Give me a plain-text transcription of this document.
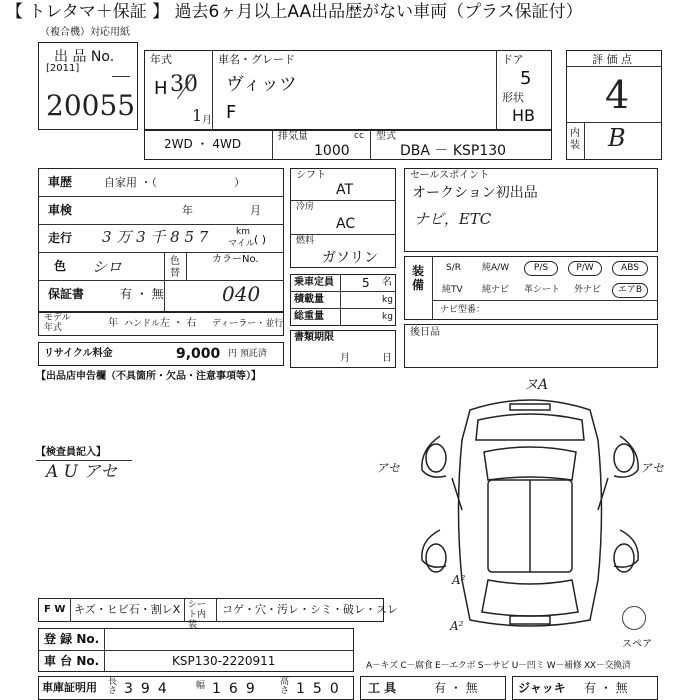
【 トレタマ＋保証 】 過去6ヶ月以上AA出品歴がない車両（プラス保証付）
（複合機）対応用紙
出 品 No.
[2011]
20055
年式
H 30
1 月
車名・グレード
ヴィッツ
F
ドア
5
形状
HB
評 価 点
4
内装 B
2WD ・ 4WD
排気量	cc
1000
型式
DBA － KSP130
車歴	自家用 ・（　　　　　　　）
車検	年	月
走行 3 万 3 千 8 5 7	km
マイル ( )
色 シロ	色替
カラーNo.
040
保証書	有 ・ 無
モデル年式	年 ハンドル 左 ・ 右 ディーラー・並行
リサイクル料金	9,000 円 預託済
シフト
AT
冷房
AC
燃料
ガソリン
乗車定員 5 名
積載量	kg
総重量	kg
書類期限
月	日
セールスポイント
オークション初出品
ナビ，ETC
装備
S/R 純A/W	P/S	P/W	ABS
純TV 純ナビ 革シート 外ナビ	エアB
ナビ型番：
後日品
【出品店申告欄（不具箇所・欠品・注意事項等）】
【検査員記入】
A U アセ
ヌA
アセ	アセ
A²
A²
スペア
F W キズ・ヒビ石・割レX シート内装
コゲ・穴・汚レ・シミ・破レ・スレ
登 録 No.
車 台 No.	KSP130-2220911	A－キズ C－腐食 E－エクボ S－サビ U－凹ミ W－補修 XX－交換済
車庫証明用 長さ 394 幅 169 高さ 150 工 具	有 ・ 無	ジャッキ 有 ・ 無
